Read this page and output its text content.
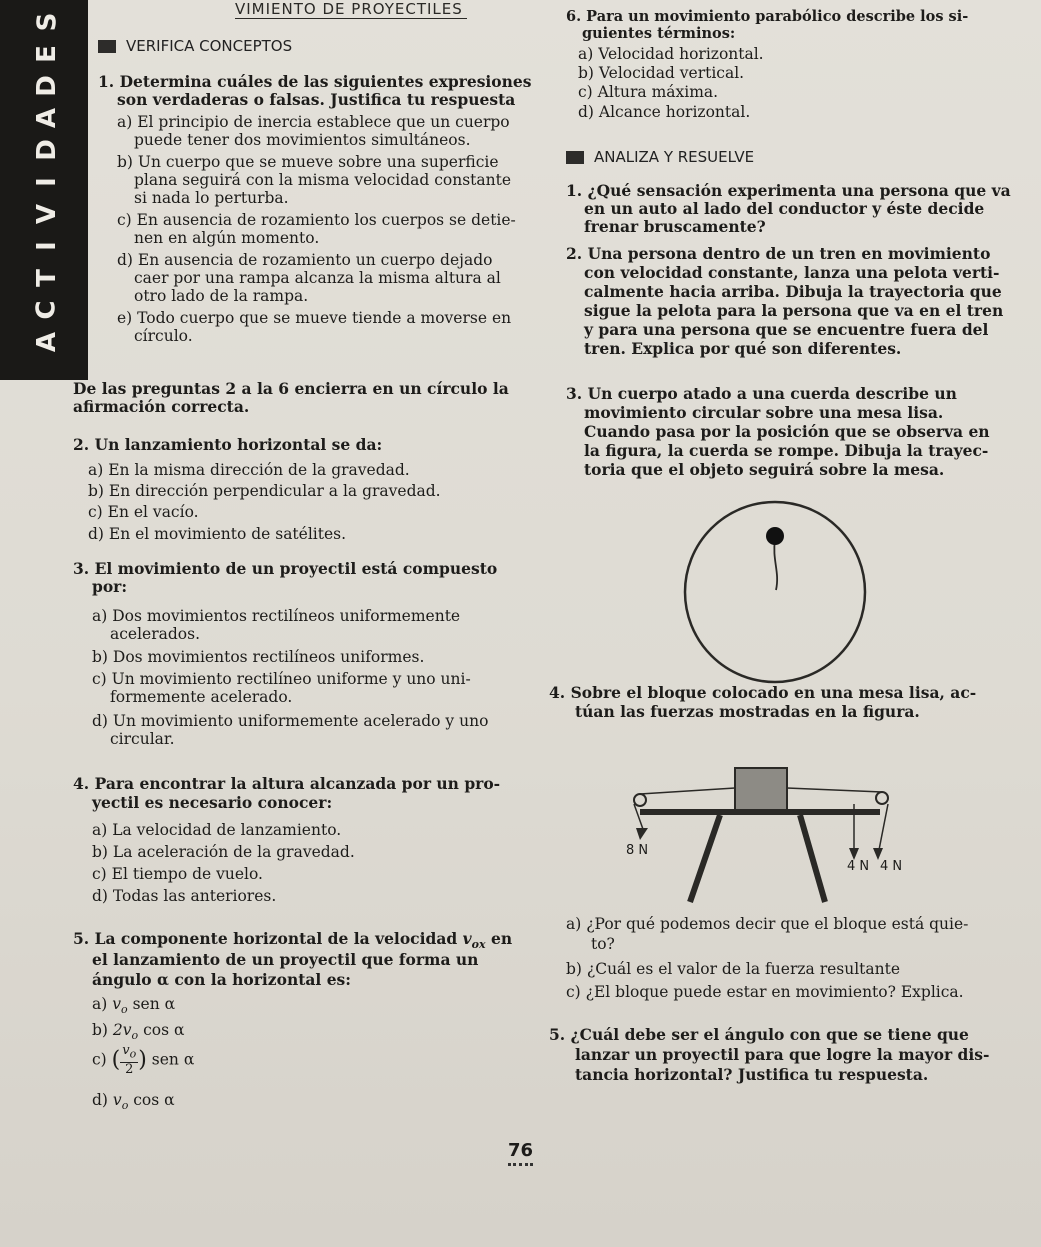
S
E
D
A
D
I
V
I
T
C
A
VIMIENTO DE PROYECTILES
VERIFICA CONCEPTOS
1. Determina cuáles de las siguientes expresiones
son verdaderas o falsas. Justifica tu respuesta
a) El principio de inercia establece que un cuerpo
puede tener dos movimientos simultáneos.
b) Un cuerpo que se mueve sobre una superficie
plana seguirá con la misma velocidad constante
si nada lo perturba.
c) En ausencia de rozamiento los cuerpos se detie-
nen en algún momento.
d) En ausencia de rozamiento un cuerpo dejado
caer por una rampa alcanza la misma altura al
otro lado de la rampa.
e) Todo cuerpo que se mueve tiende a moverse en
círculo.
De las preguntas 2 a la 6 encierra en un círculo la
afirmación correcta.
2. Un lanzamiento horizontal se da:
a) En la misma dirección de la gravedad.
b) En dirección perpendicular a la gravedad.
c) En el vacío.
d) En el movimiento de satélites.
3. El movimiento de un proyectil está compuesto
por:
a) Dos movimientos rectilíneos uniformemente
acelerados.
b) Dos movimientos rectilíneos uniformes.
c) Un movimiento rectilíneo uniforme y uno uni-
formemente acelerado.
d) Un movimiento uniformemente acelerado y uno
circular.
4. Para encontrar la altura alcanzada por un pro-
yectil es necesario conocer:
a) La velocidad de lanzamiento.
b) La aceleración de la gravedad.
c) El tiempo de vuelo.
d) Todas las anteriores.
5. La componente horizontal de la velocidad $v_{ox}$ en
el lanzamiento de un proyectil que forma un
ángulo α con la horizontal es:
a) $v_o$ sen α
b) $2v_o$ cos α
c) ( $\frac{v_o}{2}$ ) sen α
d) $v_o$ cos α
6. Para un movimiento parabólico describe los si-
guientes términos:
a) Velocidad horizontal.
b) Velocidad vertical.
c) Altura máxima.
d) Alcance horizontal.
ANALIZA Y RESUELVE
1. ¿Qué sensación experimenta una persona que va
en un auto al lado del conductor y éste decide
frenar bruscamente?
2. Una persona dentro de un tren en movimiento
con velocidad constante, lanza una pelota verti-
calmente hacia arriba. Dibuja la trayectoria que
sigue la pelota para la persona que va en el tren
y para una persona que se encuentre fuera del
tren. Explica por qué son diferentes.
3. Un cuerpo atado a una cuerda describe un
movimiento circular sobre una mesa lisa.
Cuando pasa por la posición que se observa en
la figura, la cuerda se rompe. Dibuja la trayec-
toria que el objeto seguirá sobre la mesa.
4. Sobre el bloque colocado en una mesa lisa, ac-
túan las fuerzas mostradas en la figura.
8 N
4 N 4 N
a) ¿Por qué podemos decir que el bloque está quie-
to?
b) ¿Cuál es el valor de la fuerza resultante
c) ¿El bloque puede estar en movimiento? Explica.
5. ¿Cuál debe ser el ángulo con que se tiene que
lanzar un proyectil para que logre la mayor dis-
tancia horizontal? Justifica tu respuesta.
76
